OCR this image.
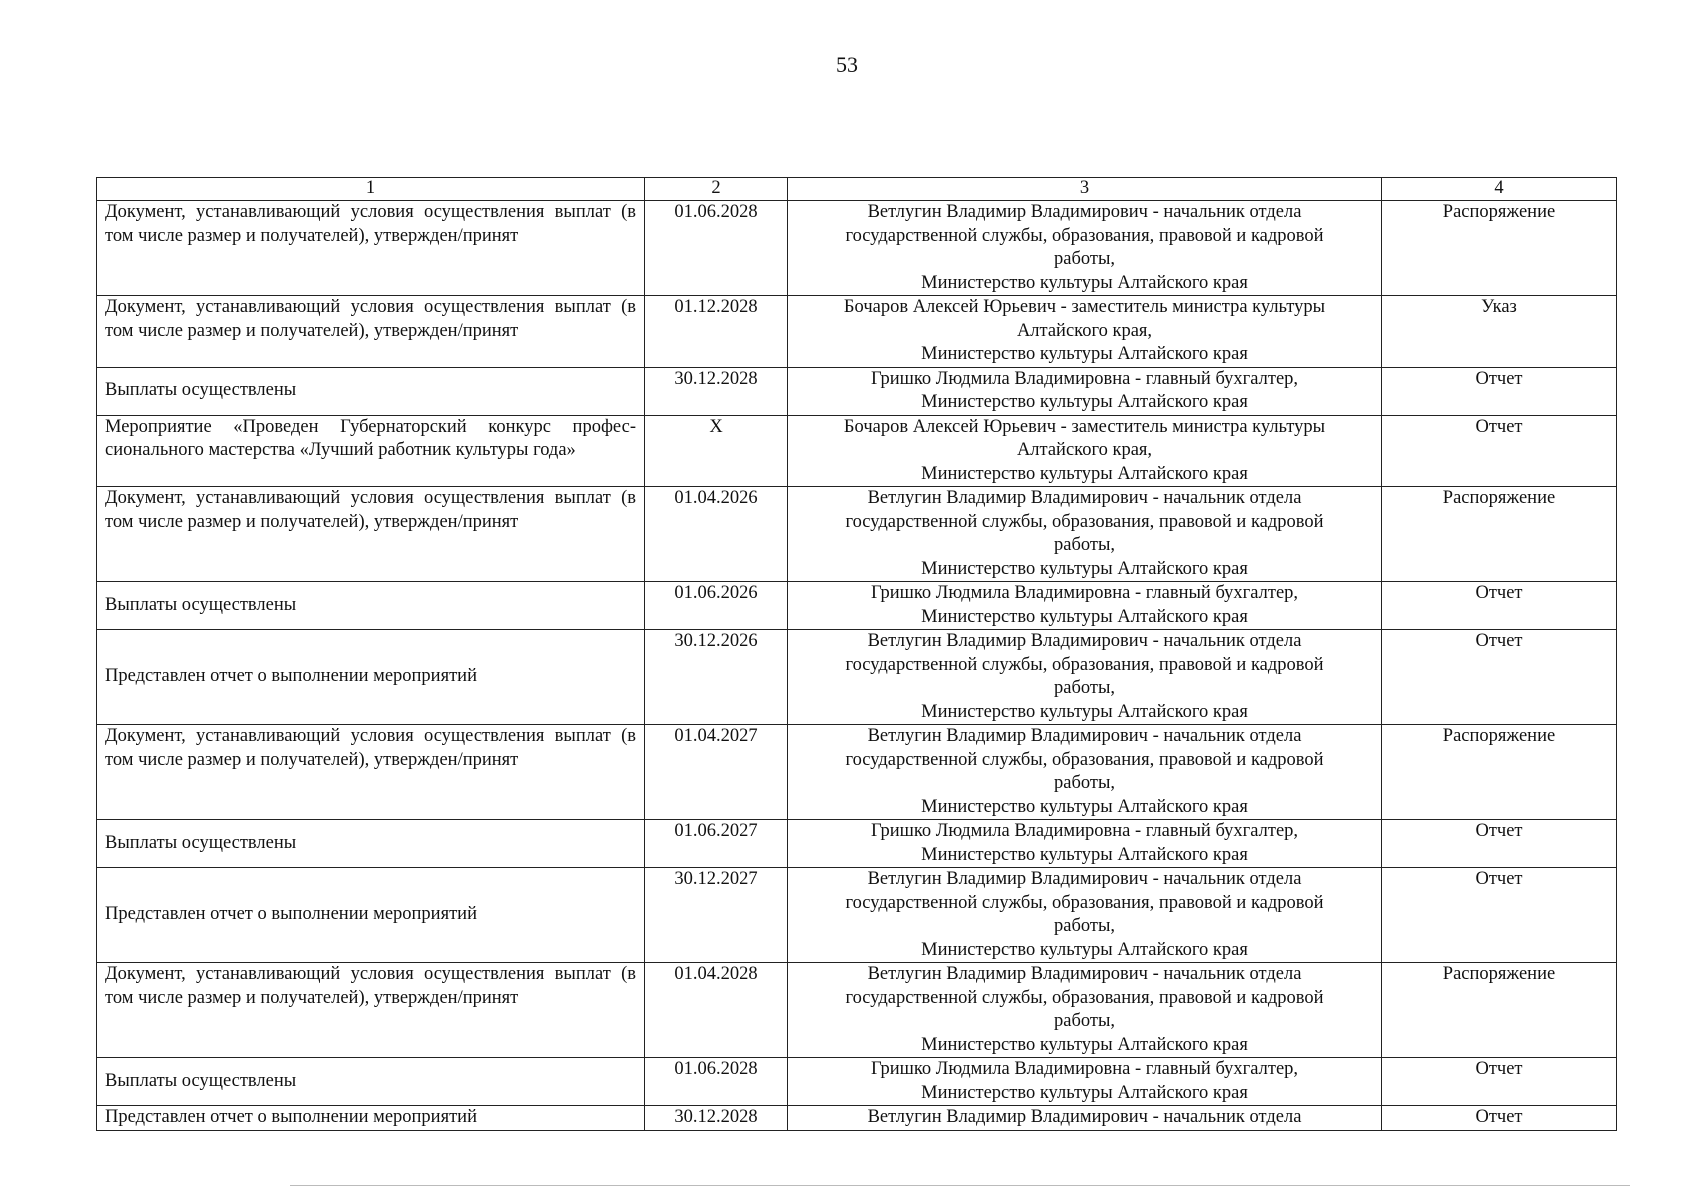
53
1	2	3	4
Документ, устанавливающий условия осуществления выплат (в том числе размер и получателей), утвержден/принят	01.06.2028	Ветлугин Владимир Владимирович - начальник отдела
государственной службы, образования, правовой и кадровой
работы,
Министерство культуры Алтайского края	Распоряжение
Документ, устанавливающий условия осуществления выплат (в том числе размер и получателей), утвержден/принят	01.12.2028	Бочаров Алексей Юрьевич - заместитель министра культуры
Алтайского края,
Министерство культуры Алтайского края	Указ
Выплаты осуществлены	30.12.2028	Гришко Людмила Владимировна - главный бухгалтер,
Министерство культуры Алтайского края	Отчет
Мероприятие «Проведен Губернаторский конкурс профессионального мастерства «Лучший работник культуры года»	Х	Бочаров Алексей Юрьевич - заместитель министра культуры
Алтайского края,
Министерство культуры Алтайского края	Отчет
Документ, устанавливающий условия осуществления выплат (в том числе размер и получателей), утвержден/принят	01.04.2026	Ветлугин Владимир Владимирович - начальник отдела
государственной службы, образования, правовой и кадровой
работы,
Министерство культуры Алтайского края	Распоряжение
Выплаты осуществлены	01.06.2026	Гришко Людмила Владимировна - главный бухгалтер,
Министерство культуры Алтайского края	Отчет
Представлен отчет о выполнении мероприятий	30.12.2026	Ветлугин Владимир Владимирович - начальник отдела
государственной службы, образования, правовой и кадровой
работы,
Министерство культуры Алтайского края	Отчет
Документ, устанавливающий условия осуществления выплат (в том числе размер и получателей), утвержден/принят	01.04.2027	Ветлугин Владимир Владимирович - начальник отдела
государственной службы, образования, правовой и кадровой
работы,
Министерство культуры Алтайского края	Распоряжение
Выплаты осуществлены	01.06.2027	Гришко Людмила Владимировна - главный бухгалтер,
Министерство культуры Алтайского края	Отчет
Представлен отчет о выполнении мероприятий	30.12.2027	Ветлугин Владимир Владимирович - начальник отдела
государственной службы, образования, правовой и кадровой
работы,
Министерство культуры Алтайского края	Отчет
Документ, устанавливающий условия осуществления выплат (в том числе размер и получателей), утвержден/принят	01.04.2028	Ветлугин Владимир Владимирович - начальник отдела
государственной службы, образования, правовой и кадровой
работы,
Министерство культуры Алтайского края	Распоряжение
Выплаты осуществлены	01.06.2028	Гришко Людмила Владимировна - главный бухгалтер,
Министерство культуры Алтайского края	Отчет
Представлен отчет о выполнении мероприятий	30.12.2028	Ветлугин Владимир Владимирович - начальник отдела	Отчет
